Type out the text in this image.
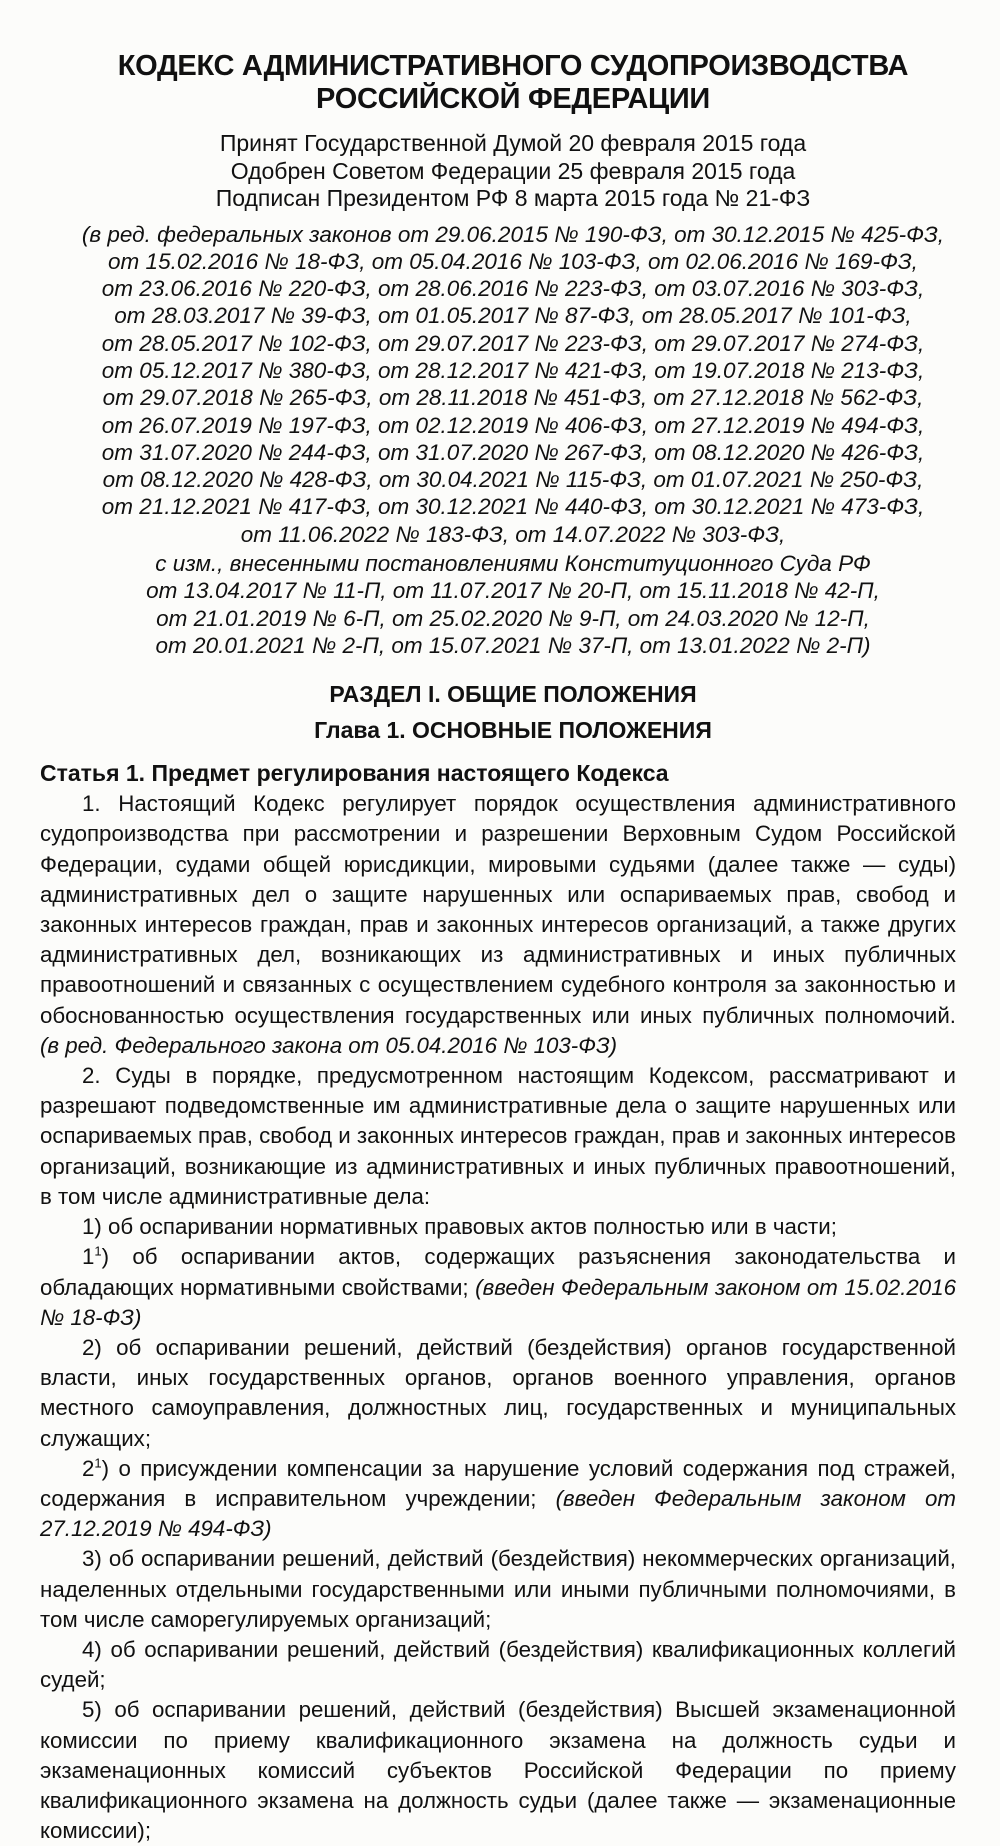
КОДЕКС АДМИНИСТРАТИВНОГО СУДОПРОИЗВОДСТВА
РОССИЙСКОЙ ФЕДЕРАЦИИ
Принят Государственной Думой 20 февраля 2015 года
Одобрен Советом Федерации 25 февраля 2015 года
Подписан Президентом РФ 8 марта 2015 года № 21-ФЗ
(в ред. федеральных законов от 29.06.2015 № 190-ФЗ, от 30.12.2015 № 425-ФЗ,
от 15.02.2016 № 18-ФЗ, от 05.04.2016 № 103-ФЗ, от 02.06.2016 № 169-ФЗ,
от 23.06.2016 № 220-ФЗ, от 28.06.2016 № 223-ФЗ, от 03.07.2016 № 303-ФЗ,
от 28.03.2017 № 39-ФЗ, от 01.05.2017 № 87-ФЗ, от 28.05.2017 № 101-ФЗ,
от 28.05.2017 № 102-ФЗ, от 29.07.2017 № 223-ФЗ, от 29.07.2017 № 274-ФЗ,
от 05.12.2017 № 380-ФЗ, от 28.12.2017 № 421-ФЗ, от 19.07.2018 № 213-ФЗ,
от 29.07.2018 № 265-ФЗ, от 28.11.2018 № 451-ФЗ, от 27.12.2018 № 562-ФЗ,
от 26.07.2019 № 197-ФЗ, от 02.12.2019 № 406-ФЗ, от 27.12.2019 № 494-ФЗ,
от 31.07.2020 № 244-ФЗ, от 31.07.2020 № 267-ФЗ, от 08.12.2020 № 426-ФЗ,
от 08.12.2020 № 428-ФЗ, от 30.04.2021 № 115-ФЗ, от 01.07.2021 № 250-ФЗ,
от 21.12.2021 № 417-ФЗ, от 30.12.2021 № 440-ФЗ, от 30.12.2021 № 473-ФЗ,
от 11.06.2022 № 183-ФЗ, от 14.07.2022 № 303-ФЗ,
с изм., внесенными постановлениями Конституционного Суда РФ
от 13.04.2017 № 11-П, от 11.07.2017 № 20-П, от 15.11.2018 № 42-П,
от 21.01.2019 № 6-П, от 25.02.2020 № 9-П, от 24.03.2020 № 12-П,
от 20.01.2021 № 2-П, от 15.07.2021 № 37-П, от 13.01.2022 № 2-П)
РАЗДЕЛ I. ОБЩИЕ ПОЛОЖЕНИЯ
Глава 1. ОСНОВНЫЕ ПОЛОЖЕНИЯ
Статья 1. Предмет регулирования настоящего Кодекса

1. Настоящий Кодекс регулирует порядок осуществления административного судопроизводства при рассмотрении и разрешении Верховным Судом Российской Федерации, судами общей юрисдикции, мировыми судьями (далее также — суды) административных дел о защите нарушенных или оспариваемых прав, свобод и законных интересов граждан, прав и законных интересов организаций, а также других административных дел, возникающих из административных и иных публичных правоотношений и связанных с осуществлением судебного контроля за законностью и обоснованностью осуществления государственных или иных публичных полномочий. (в ред. Федерального закона от 05.04.2016 № 103-ФЗ)

2. Суды в порядке, предусмотренном настоящим Кодексом, рассматривают и разрешают подведомственные им административные дела о защите нарушенных или оспариваемых прав, свобод и законных интересов граждан, прав и законных интересов организаций, возникающие из административных и иных публичных правоотношений, в том числе административные дела:

1) об оспаривании нормативных правовых актов полностью или в части;

$1^1$) об оспаривании актов, содержащих разъяснения законодательства и обладающих нормативными свойствами; (введен Федеральным законом от 15.02.2016 № 18-ФЗ)

2) об оспаривании решений, действий (бездействия) органов государственной власти, иных государственных органов, органов военного управления, органов местного самоуправления, должностных лиц, государственных и муниципальных служащих;

$2^1$) о присуждении компенсации за нарушение условий содержания под стражей, содержания в исправительном учреждении; (введен Федеральным законом от 27.12.2019 № 494-ФЗ)

3) об оспаривании решений, действий (бездействия) некоммерческих организаций, наделенных отдельными государственными или иными публичными полномочиями, в том числе саморегулируемых организаций;

4) об оспаривании решений, действий (бездействия) квалификационных коллегий судей;

5) об оспаривании решений, действий (бездействия) Высшей экзаменационной комиссии по приему квалификационного экзамена на должность судьи и экзаменационных комиссий субъектов Российской Федерации по приему квалификационного экзамена на должность судьи (далее также — экзаменационные комиссии);
